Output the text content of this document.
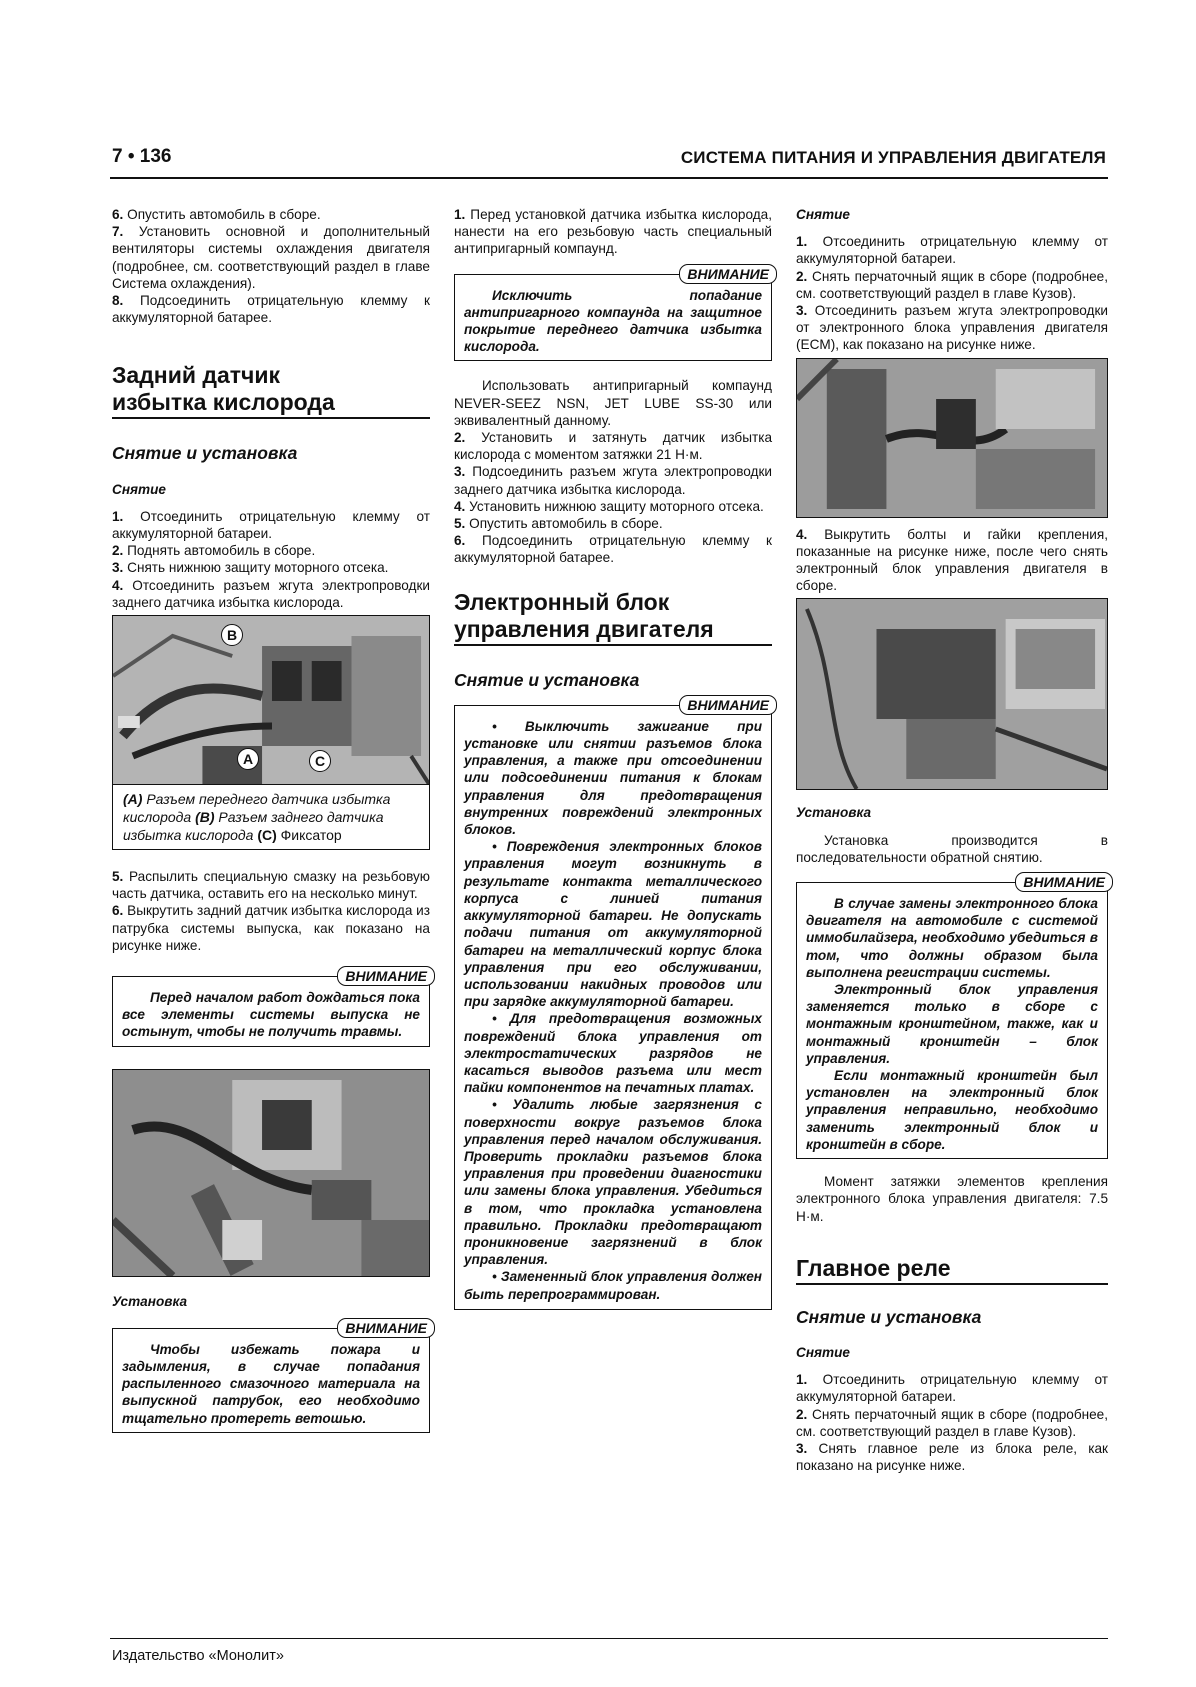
7 • 136	СИСТЕМА ПИТАНИЯ И УПРАВЛЕНИЯ ДВИГАТЕЛЯ

6. Опустить автомобиль в сборе.

7. Установить основной и дополнительный вентиляторы системы охлаждения двигателя (подробнее, см. соответствующий раздел в главе Система охлаждения).

8. Подсоединить отрицательную клемму к аккумуляторной батарее.

Задний датчик
избытка кислорода

Снятие и установка

Снятие

1. Отсоединить отрицательную клемму от аккумуляторной батареи.

2. Поднять автомобиль в сборе.

3. Снять нижнюю защиту моторного отсека.

4. Отсоединить разъем жгута электропроводки заднего датчика избытка кислорода.

B
A	C
(A) Разъем переднего датчика избытка кислорода (B) Разъем заднего датчика избытка кислорода (C) Фиксатор

5. Распылить специальную смазку на резьбовую часть датчика, оставить его на несколько минут.

6. Выкрутить задний датчик избытка кислорода из патрубка системы выпуска, как показано на рисунке ниже.

ВНИМАНИЕ

Перед началом работ дождаться пока все элементы системы выпуска не остынут, чтобы не получить травмы.

Установка

ВНИМАНИЕ

Чтобы избежать пожара и задымления, в случае попадания распыленного смазочного материала на выпускной патрубок, его необходимо тщательно протереть ветошью.

1. Перед установкой датчика избытка кислорода, нанести на его резьбовую часть специальный антипригарный компаунд.

ВНИМАНИЕ

Исключить попадание антипригарного компаунда на защитное покрытие переднего датчика избытка кислорода.

Использовать антипригарный компаунд NEVER-SEEZ NSN, JET LUBE SS-30 или эквивалентный данному.

2. Установить и затянуть датчик избытка кислорода с моментом затяжки 21 Н·м.

3. Подсоединить разъем жгута электропроводки заднего датчика избытка кислорода.

4. Установить нижнюю защиту моторного отсека.

5. Опустить автомобиль в сборе.

6. Подсоединить отрицательную клемму к аккумуляторной батарее.

Электронный блок
управления двигателя

Снятие и установка

ВНИМАНИЕ

• Выключить зажигание при установке или снятии разъемов блока управления, а также при отсоединении или подсоединении питания к блокам управления для предотвращения внутренних повреждений электронных блоков.

• Повреждения электронных блоков управления могут возникнуть в результате контакта металлического корпуса с линией питания аккумуляторной батареи. Не допускать подачи питания от аккумуляторной батареи на металлический корпус блока управления при его обслуживании, использовании накидных проводов или при зарядке аккумуляторной батареи.

• Для предотвращения возможных повреждений блока управления от электростатических разрядов не касаться выводов разъема или мест пайки компонентов на печатных платах.

• Удалить любые загрязнения с поверхности вокруг разъемов блока управления перед началом обслуживания. Проверить прокладки разъемов блока управления при проведении диагностики или замены блока управления. Убедиться в том, что прокладка установлена правильно. Прокладки предотвращают проникновение загрязнений в блок управления.

• Замененный блок управления должен быть перепрограммирован.

Снятие

1. Отсоединить отрицательную клемму от аккумуляторной батареи.

2. Снять перчаточный ящик в сборе (подробнее, см. соответствующий раздел в главе Кузов).

3. Отсоединить разъем жгута электропроводки от электронного блока управления двигателя (ECM), как показано на рисунке ниже.

4. Выкрутить болты и гайки крепления, показанные на рисунке ниже, после чего снять электронный блок управления двигателя в сборе.

Установка

Установка производится в последовательности обратной снятию.

ВНИМАНИЕ

В случае замены электронного блока двигателя на автомобиле с системой иммобилайзера, необходимо убедиться в том, что должны образом была выполнена регистрации системы.

Электронный блок управления заменяется только в сборе с монтажным кронштейном, также, как и монтажный кронштейн – блок управления.

Если монтажный кронштейн был установлен на электронный блок управления неправильно, необходимо заменить электронный блок и кронштейн в сборе.

Момент затяжки элементов крепления электронного блока управления двигателя: 7.5 Н·м.

Главное реле

Снятие и установка

Снятие

1. Отсоединить отрицательную клемму от аккумуляторной батареи.

2. Снять перчаточный ящик в сборе (подробнее, см. соответствующий раздел в главе Кузов).

3. Снять главное реле из блока реле, как показано на рисунке ниже.

Издательство «Монолит»
